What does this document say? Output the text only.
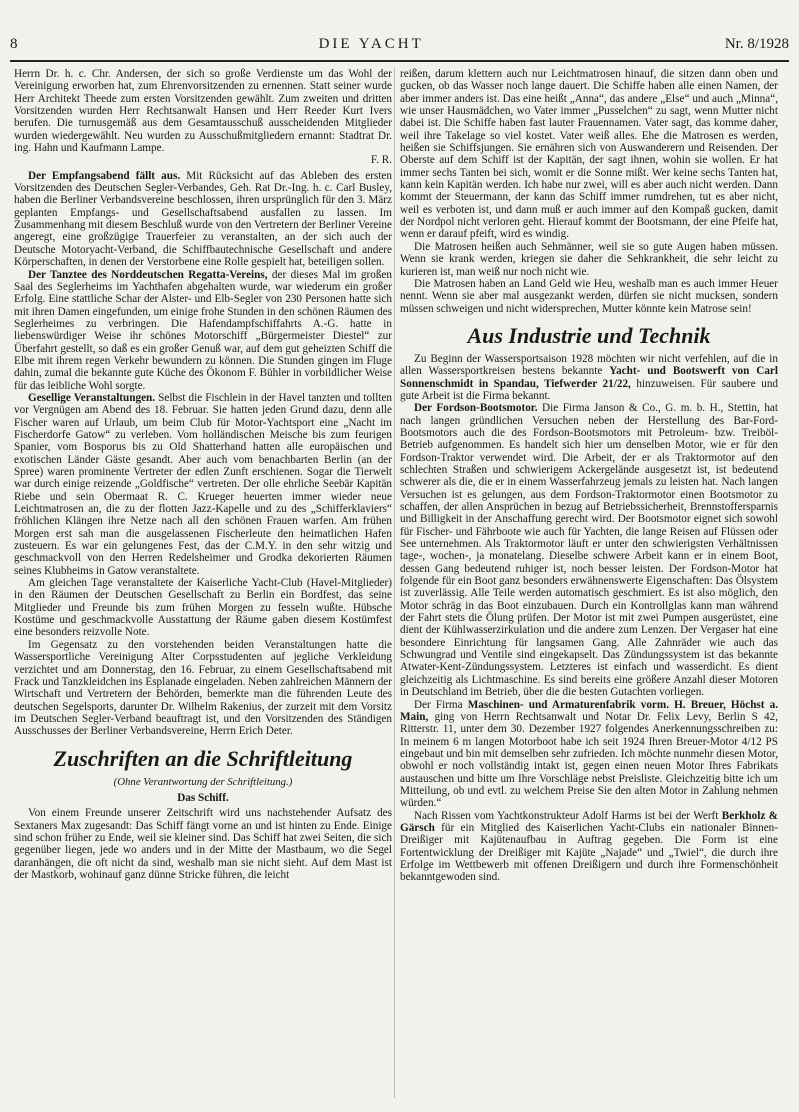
8	DIE YACHT	Nr. 8/1928

Herrn Dr. h. c. Chr. Andersen, der sich so große Verdienste um das Wohl der Vereinigung erworben hat, zum Ehrenvorsitzenden zu ernennen. Statt seiner wurde Herr Architekt Theede zum ersten Vorsitzenden gewählt. Zum zweiten und dritten Vorsitzenden wurden Herr Rechtsanwalt Hansen und Herr Reeder Kurt Ivers berufen. Die turnusgemäß aus dem Gesamtausschuß ausscheidenden Mitglieder wurden wiedergewählt. Neu wurden zu Ausschußmitgliedern ernannt: Stadtrat Dr. ing. Hahn und Kaufmann Lampe.

F. R.

Der Empfangsabend fällt aus. Mit Rücksicht auf das Ableben des ersten Vorsitzenden des Deutschen Segler-Verbandes, Geh. Rat Dr.-Ing. h. c. Carl Busley, haben die Berliner Verbandsvereine beschlossen, ihren ursprünglich für den 3. März geplanten Empfangs- und Gesellschaftsabend ausfallen zu lassen. Im Zusammenhang mit diesem Beschluß wurde von den Vertretern der Berliner Vereine angeregt, eine großzügige Trauerfeier zu veranstalten, an der sich auch der Deutsche Motoryacht-Verband, die Schiffbautechnische Gesellschaft und andere Körperschaften, in denen der Verstorbene eine Rolle gespielt hat, beteiligen sollen.

Der Tanztee des Norddeutschen Regatta-Vereins, der dieses Mal im großen Saal des Seglerheims im Yachthafen abgehalten wurde, war wiederum ein großer Erfolg. Eine stattliche Schar der Alster- und Elb-Segler von 230 Personen hatte sich mit ihren Damen eingefunden, um einige frohe Stunden in den schönen Räumen des Seglerheimes zu verbringen. Die Hafendampfschiffahrts A.-G. hatte in liebenswürdiger Weise ihr schönes Motorschiff „Bürgermeister Diestel“ zur Überfahrt gestellt, so daß es ein großer Genuß war, auf dem gut geheizten Schiff die Elbe mit ihrem regen Verkehr bewundern zu können. Die Stunden gingen im Fluge dahin, zumal die bekannte gute Küche des Ökonom F. Bühler in vorbildlicher Weise für das leibliche Wohl sorgte.

Gesellige Veranstaltungen. Selbst die Fischlein in der Havel tanzten und tollten vor Vergnügen am Abend des 18. Februar. Sie hatten jeden Grund dazu, denn alle Fischer waren auf Urlaub, um beim Club für Motor-Yachtsport eine „Nacht im Fischerdorfe Gatow“ zu verleben. Vom holländischen Meische bis zum feurigen Spanier, vom Bosporus bis zu Old Shatterhand hatten alle europäischen und exotischen Länder Gäste gesandt. Aber auch vom benachbarten Berlin (an der Spree) waren prominente Vertreter der edlen Zunft erschienen. Sogar die Tierwelt war durch einige reizende „Goldfische“ vertreten. Der olle ehrliche Seebär Kapitän Riebe und sein Obermaat R. C. Krueger heuerten immer wieder neue Leichtmatrosen an, die zu der flotten Jazz-Kapelle und zu des „Schifferklaviers“ fröhlichen Klängen ihre Netze nach all den schönen Frauen warfen. Am frühen Morgen erst sah man die ausgelassenen Fischerleute den heimatlichen Hafen zusteuern. Es war ein gelungenes Fest, das der C.M.Y. in den sehr witzig und geschmackvoll von den Herren Redelsheimer und Grodka dekorierten Räumen seines Klubheims in Gatow veranstaltete.

Am gleichen Tage veranstaltete der Kaiserliche Yacht-Club (Havel-Mitglieder) in den Räumen der Deutschen Gesellschaft zu Berlin ein Bordfest, das seine Mitglieder und Freunde bis zum frühen Morgen zu fesseln wußte. Hübsche Kostüme und geschmackvolle Ausstattung der Räume gaben diesem Kostümfest eine besonders reizvolle Note.

Im Gegensatz zu den vorstehenden beiden Veranstaltungen hatte die Wassersportliche Vereinigung Alter Corpsstudenten auf jegliche Verkleidung verzichtet und am Donnerstag, den 16. Februar, zu einem Gesellschaftsabend mit Frack und Tanzkleidchen ins Esplanade eingeladen. Neben zahlreichen Männern der Wirtschaft und Vertretern der Behörden, bemerkte man die führenden Leute des deutschen Segelsports, darunter Dr. Wilhelm Rakenius, der zurzeit mit dem Vorsitz im Deutschen Segler-Verband beauftragt ist, und den Vorsitzenden des Ständigen Ausschusses der Berliner Verbandsvereine, Herrn Erich Deter.

Zuschriften an die Schriftleitung
(Ohne Verantwortung der Schriftleitung.)
Das Schiff.

Von einem Freunde unserer Zeitschrift wird uns nachstehender Aufsatz des Sextaners Max zugesandt: Das Schiff fängt vorne an und ist hinten zu Ende. Einige sind schon früher zu Ende, weil sie kleiner sind. Das Schiff hat zwei Seiten, die sich gegenüber liegen, jede wo anders und in der Mitte der Mastbaum, wo die Segel daranhängen, die oft nicht da sind, weshalb man sie nicht sieht. Auf dem Mast ist der Mastkorb, wohinauf ganz dünne Stricke führen, die leicht

reißen, darum klettern auch nur Leichtmatrosen hinauf, die sitzen dann oben und gucken, ob das Wasser noch lange dauert. Die Schiffe haben alle einen Namen, der aber immer anders ist. Das eine heißt „Anna“, das andere „Else“ und auch „Minna“, wie unser Hausmädchen, wo Vater immer „Pusselchen“ zu sagt, wenn Mutter nicht dabei ist. Die Schiffe haben fast lauter Frauennamen. Vater sagt, das komme daher, weil ihre Takelage so viel kostet. Vater weiß alles. Ehe die Matrosen es werden, heißen sie Schiffsjungen. Sie ernähren sich von Auswanderern und Reisenden. Der Oberste auf dem Schiff ist der Kapitän, der sagt ihnen, wohin sie wollen. Er hat immer sechs Tanten bei sich, womit er die Sonne mißt. Wer keine sechs Tanten hat, kann kein Kapitän werden. Ich habe nur zwei, will es aber auch nicht werden. Dann kommt der Steuermann, der kann das Schiff immer rumdrehen, tut es aber nicht, weil es verboten ist, und dann muß er auch immer auf den Kompaß gucken, damit der Nordpol nicht verloren geht. Hierauf kommt der Bootsmann, der eine Pfeife hat, wenn er darauf pfeift, wird es windig.

Die Matrosen heißen auch Sehmänner, weil sie so gute Augen haben müssen. Wenn sie krank werden, kriegen sie daher die Sehkrankheit, die sehr leicht zu kurieren ist, man weiß nur noch nicht wie.

Die Matrosen haben an Land Geld wie Heu, weshalb man es auch immer Heuer nennt. Wenn sie aber mal ausgezankt werden, dürfen sie nicht mucksen, sondern müssen schweigen und nicht widersprechen, Mutter könnte kein Matrose sein!

Aus Industrie und Technik

Zu Beginn der Wassersportsaison 1928 möchten wir nicht verfehlen, auf die in allen Wassersportkreisen bestens bekannte Yacht- und Bootswerft von Carl Sonnenschmidt in Spandau, Tiefwerder 21/22, hinzuweisen. Für saubere und gute Arbeit ist die Firma bekannt.

Der Fordson-Bootsmotor. Die Firma Janson & Co., G. m. b. H., Stettin, hat nach langen gründlichen Versuchen neben der Herstellung des Bar-Ford-Bootsmotors auch die des Fordson-Bootsmotors mit Petroleum- bzw. Treiböl-Betrieb aufgenommen. Es handelt sich hier um denselben Motor, wie er für den Fordson-Traktor verwendet wird. Die Arbeit, der er als Traktormotor auf den schlechten Straßen und schwierigem Ackergelände ausgesetzt ist, ist bedeutend schwerer als die, die er in einem Wasserfahrzeug jemals zu leisten hat. Nach langen Versuchen ist es gelungen, aus dem Fordson-Traktormotor einen Bootsmotor zu schaffen, der allen Ansprüchen in bezug auf Betriebssicherheit, Brennstoffersparnis und Billigkeit in der Anschaffung gerecht wird. Der Bootsmotor eignet sich sowohl für Fischer- und Fährboote wie auch für Yachten, die lange Reisen auf Flüssen oder See unternehmen. Als Traktormotor läuft er unter den schwierigsten Verhältnissen tage-, wochen-, ja monatelang. Dieselbe schwere Arbeit kann er in einem Boot, dessen Gang bedeutend ruhiger ist, noch besser leisten. Der Fordson-Motor hat folgende für ein Boot ganz besonders erwähnenswerte Eigenschaften: Das Ölsystem ist zuverlässig. Alle Teile werden automatisch geschmiert. Es ist also möglich, den Motor schräg in das Boot einzubauen. Durch ein Kontrollglas kann man während der Fahrt stets die Ölung prüfen. Der Motor ist mit zwei Pumpen ausgerüstet, eine dient der Kühlwasserzirkulation und die andere zum Lenzen. Der Vergaser hat eine besondere Einrichtung für langsamen Gang. Alle Zahnräder wie auch das Schwungrad und Ventile sind eingekapselt. Das Zündungssystem ist das bekannte Atwater-Kent-Zündungssystem. Letzteres ist einfach und wasserdicht. Es dient gleichzeitig als Lichtmaschine. Es sind bereits eine größere Anzahl dieser Motoren in Deutschland im Betrieb, über die die besten Gutachten vorliegen.

Der Firma Maschinen- und Armaturenfabrik vorm. H. Breuer, Höchst a. Main, ging von Herrn Rechtsanwalt und Notar Dr. Felix Levy, Berlin S 42, Ritterstr. 11, unter dem 30. Dezember 1927 folgendes Anerkennungsschreiben zu: In meinem 6 m langen Motorboot habe ich seit 1924 Ihren Breuer-Motor 4/12 PS eingebaut und bin mit demselben sehr zufrieden. Ich möchte nunmehr diesen Motor, obwohl er noch vollständig intakt ist, gegen einen neuen Motor Ihres Fabrikats austauschen und bitte um Ihre Vorschläge nebst Preisliste. Gleichzeitig bitte ich um Mitteilung, ob und evtl. zu welchem Preise Sie den alten Motor in Zahlung nehmen würden.“

Nach Rissen vom Yachtkonstrukteur Adolf Harms ist bei der Werft Berkholz & Gärsch für ein Mitglied des Kaiserlichen Yacht-Clubs ein nationaler Binnen-Dreißiger mit Kajütenaufbau in Auftrag gegeben. Die Form ist eine Fortentwicklung der Dreißiger mit Kajüte „Najade“ und „Twiel“, die durch ihre Erfolge im Wettbewerb mit offenen Dreißigern und durch ihre Formenschönheit bekanntgewoden sind.
